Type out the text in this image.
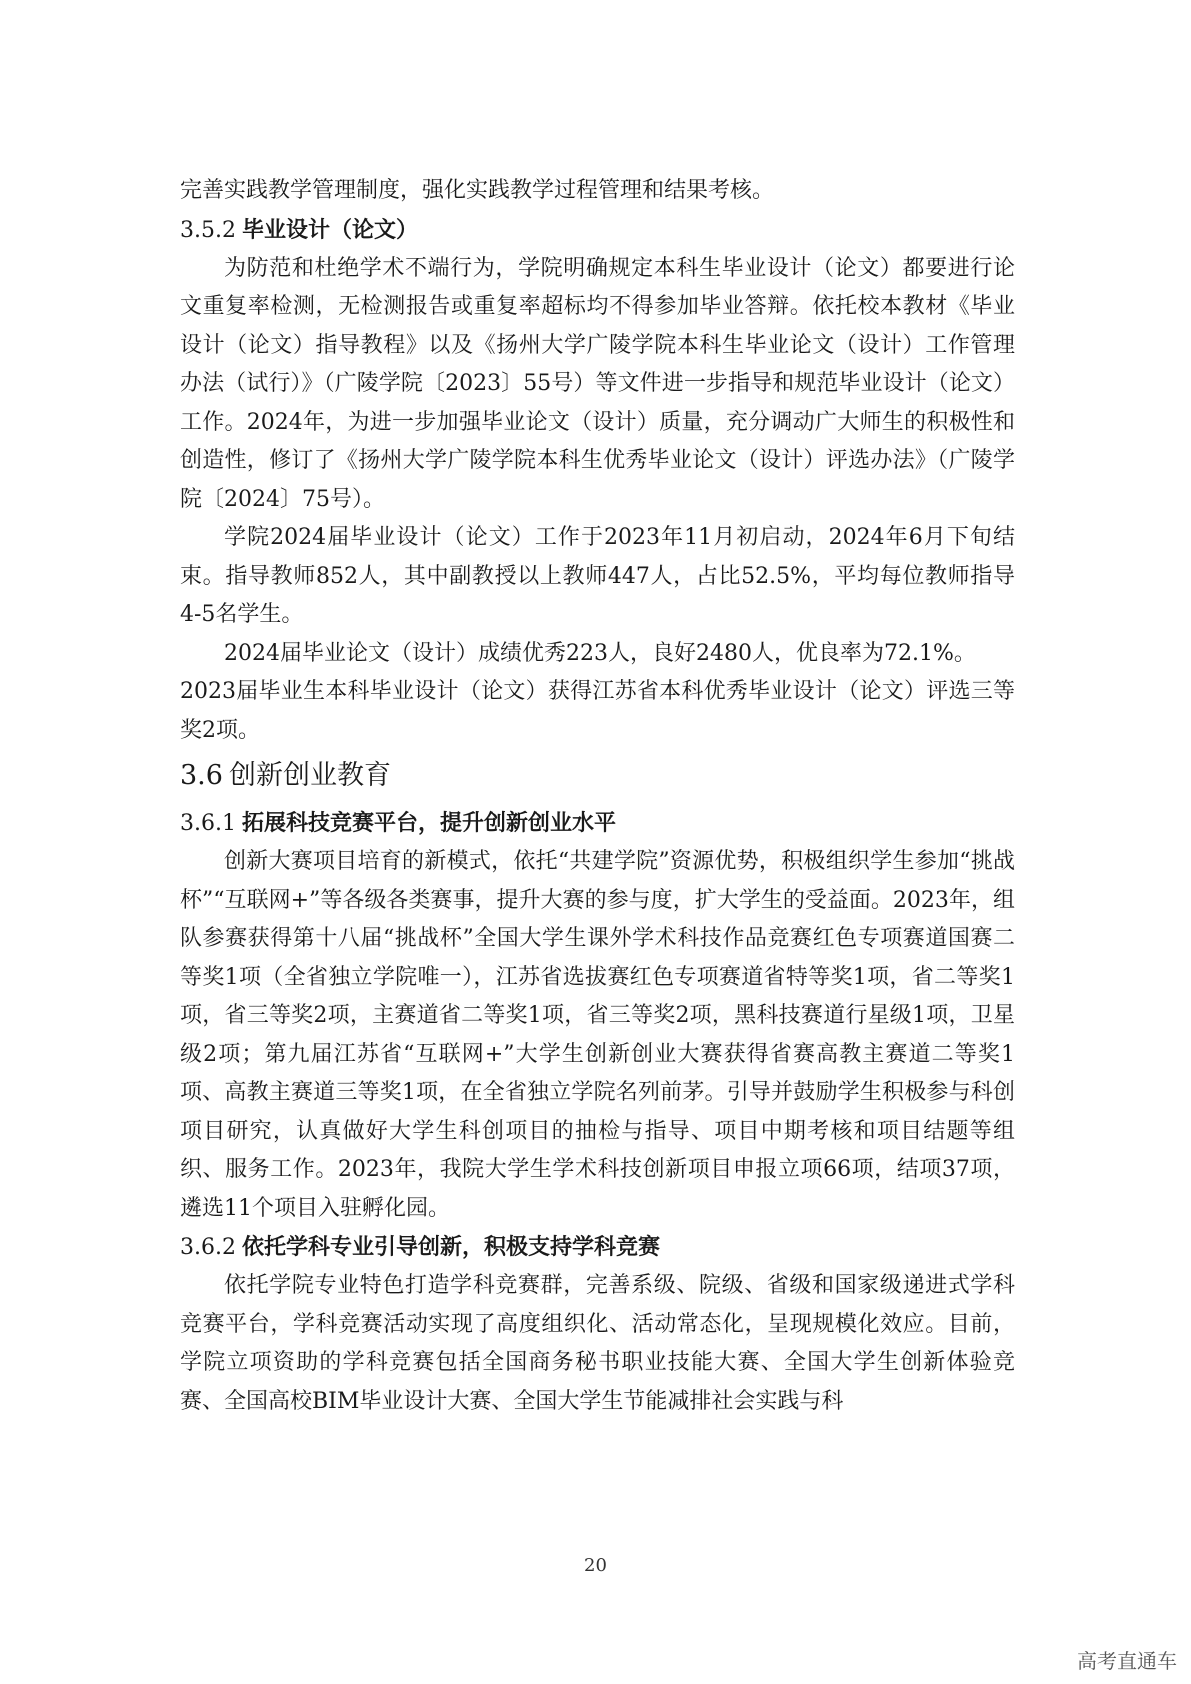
完善实践教学管理制度，强化实践教学过程管理和结果考核。

3.5.2 毕业设计（论文）

为防范和杜绝学术不端行为，学院明确规定本科生毕业设计（论文）都要进行论文重复率检测，无检测报告或重复率超标均不得参加毕业答辩。依托校本教材《毕业设计（论文）指导教程》以及《扬州大学广陵学院本科生毕业论文（设计）工作管理办法（试行）》（广陵学院〔2023〕55号）等文件进一步指导和规范毕业设计（论文）工作。2024年，为进一步加强毕业论文（设计）质量，充分调动广大师生的积极性和创造性，修订了《扬州大学广陵学院本科生优秀毕业论文（设计）评选办法》（广陵学院〔2024〕75号）。

学院2024届毕业设计（论文）工作于2023年11月初启动，2024年6月下旬结束。指导教师852人，其中副教授以上教师447人，占比52.5%，平均每位教师指导4-5名学生。

2024届毕业论文（设计）成绩优秀223人，良好2480人，优良率为72.1%。

2023届毕业生本科毕业设计（论文）获得江苏省本科优秀毕业设计（论文）评选三等奖2项。

3.6 创新创业教育
3.6.1 拓展科技竞赛平台，提升创新创业水平

创新大赛项目培育的新模式，依托“共建学院”资源优势，积极组织学生参加“挑战杯”“互联网+”等各级各类赛事，提升大赛的参与度，扩大学生的受益面。2023年，组队参赛获得第十八届“挑战杯”全国大学生课外学术科技作品竞赛红色专项赛道国赛二等奖1项（全省独立学院唯一），江苏省选拔赛红色专项赛道省特等奖1项，省二等奖1项，省三等奖2项，主赛道省二等奖1项，省三等奖2项，黑科技赛道行星级1项，卫星级2项；第九届江苏省“互联网+”大学生创新创业大赛获得省赛高教主赛道二等奖1项、高教主赛道三等奖1项，在全省独立学院名列前茅。引导并鼓励学生积极参与科创项目研究，认真做好大学生科创项目的抽检与指导、项目中期考核和项目结题等组织、服务工作。2023年，我院大学生学术科技创新项目申报立项66项，结项37项，遴选11个项目入驻孵化园。

3.6.2 依托学科专业引导创新，积极支持学科竞赛

依托学院专业特色打造学科竞赛群，完善系级、院级、省级和国家级递进式学科竞赛平台，学科竞赛活动实现了高度组织化、活动常态化，呈现规模化效应。目前，学院立项资助的学科竞赛包括全国商务秘书职业技能大赛、全国大学生创新体验竞赛、全国高校BIM毕业设计大赛、全国大学生节能减排社会实践与科

20
高考直通车
